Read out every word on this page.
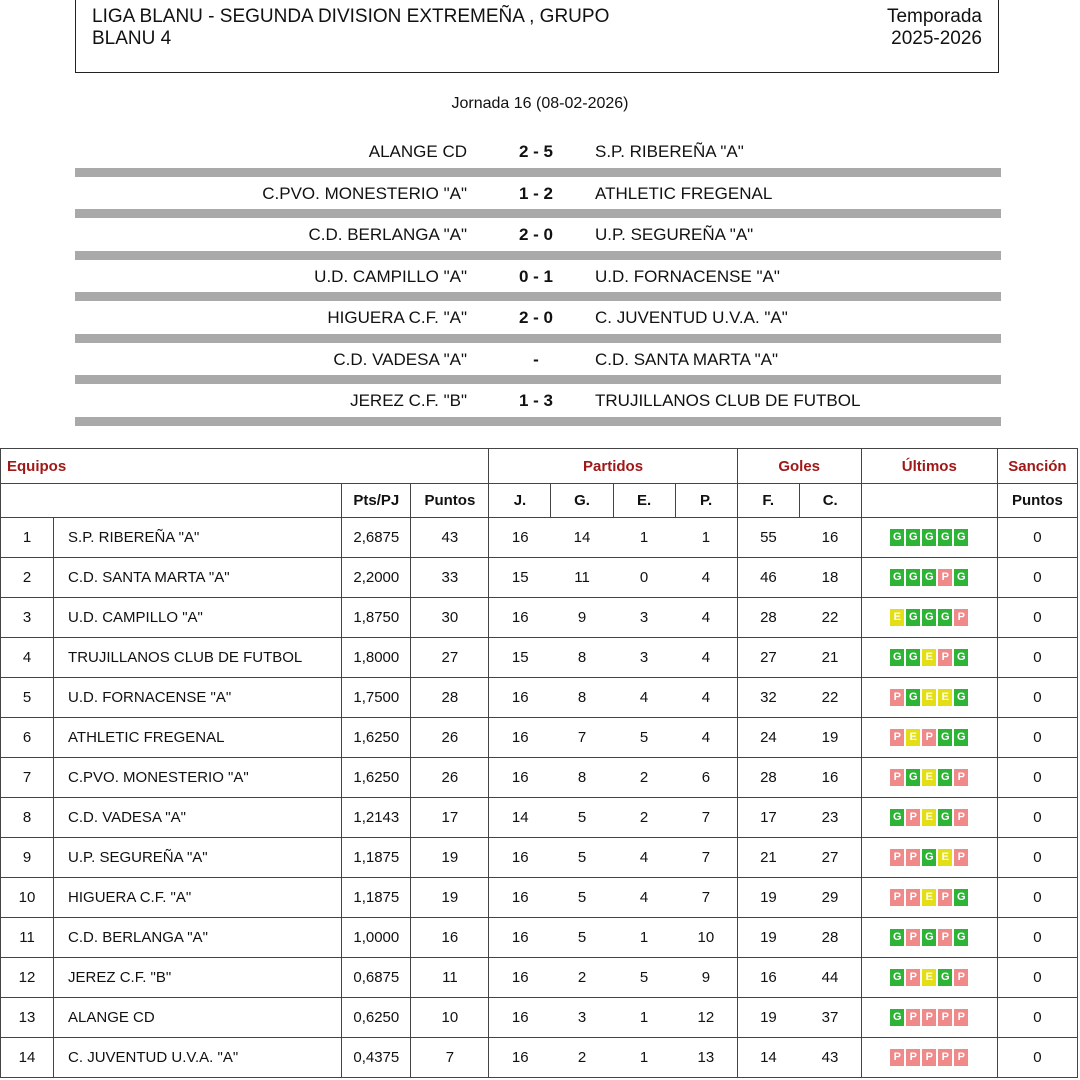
LIGA BLANU - SEGUNDA DIVISION EXTREMEÑA , GRUPO
BLANU 4
Temporada
2025-2026
Jornada 16 (08-02-2026)
ALANGE CD	2 - 5	S.P. RIBEREÑA "A"
C.PVO. MONESTERIO "A"	1 - 2	ATHLETIC FREGENAL
C.D. BERLANGA "A"	2 - 0	U.P. SEGUREÑA "A"
U.D. CAMPILLO "A"	0 - 1	U.D. FORNACENSE "A"
HIGUERA C.F. "A"	2 - 0	C. JUVENTUD U.V.A. "A"
C.D. VADESA "A"	-	C.D. SANTA MARTA "A"
JEREZ C.F. "B"	1 - 3	TRUJILLANOS CLUB DE FUTBOL
Equipos				Partidos				Goles		Últimos	Sanción
		Pts/PJ	Puntos	J.	G.	E.	P.	F.	C.		Puntos
1	S.P. RIBEREÑA "A"	2,6875	43	16	14	1	1	55	16	G G G G G	0
2	C.D. SANTA MARTA "A"	2,2000	33	15	11	0	4	46	18	G G G P G	0
3	U.D. CAMPILLO "A"	1,8750	30	16	9	3	4	28	22	E G G G P	0
4	TRUJILLANOS CLUB DE FUTBOL	1,8000	27	15	8	3	4	27	21	G G E P G	0
5	U.D. FORNACENSE "A"	1,7500	28	16	8	4	4	32	22	P G E E G	0
6	ATHLETIC FREGENAL	1,6250	26	16	7	5	4	24	19	P E P G G	0
7	C.PVO. MONESTERIO "A"	1,6250	26	16	8	2	6	28	16	P G E G P	0
8	C.D. VADESA "A"	1,2143	17	14	5	2	7	17	23	G P E G P	0
9	U.P. SEGUREÑA "A"	1,1875	19	16	5	4	7	21	27	P P G E P	0
10	HIGUERA C.F. "A"	1,1875	19	16	5	4	7	19	29	P P E P G	0
11	C.D. BERLANGA "A"	1,0000	16	16	5	1	10	19	28	G P G P G	0
12	JEREZ C.F. "B"	0,6875	11	16	2	5	9	16	44	G P E G P	0
13	ALANGE CD	0,6250	10	16	3	1	12	19	37	G P P P P	0
14	C. JUVENTUD U.V.A. "A"	0,4375	7	16	2	1	13	14	43	P P P P P	0
